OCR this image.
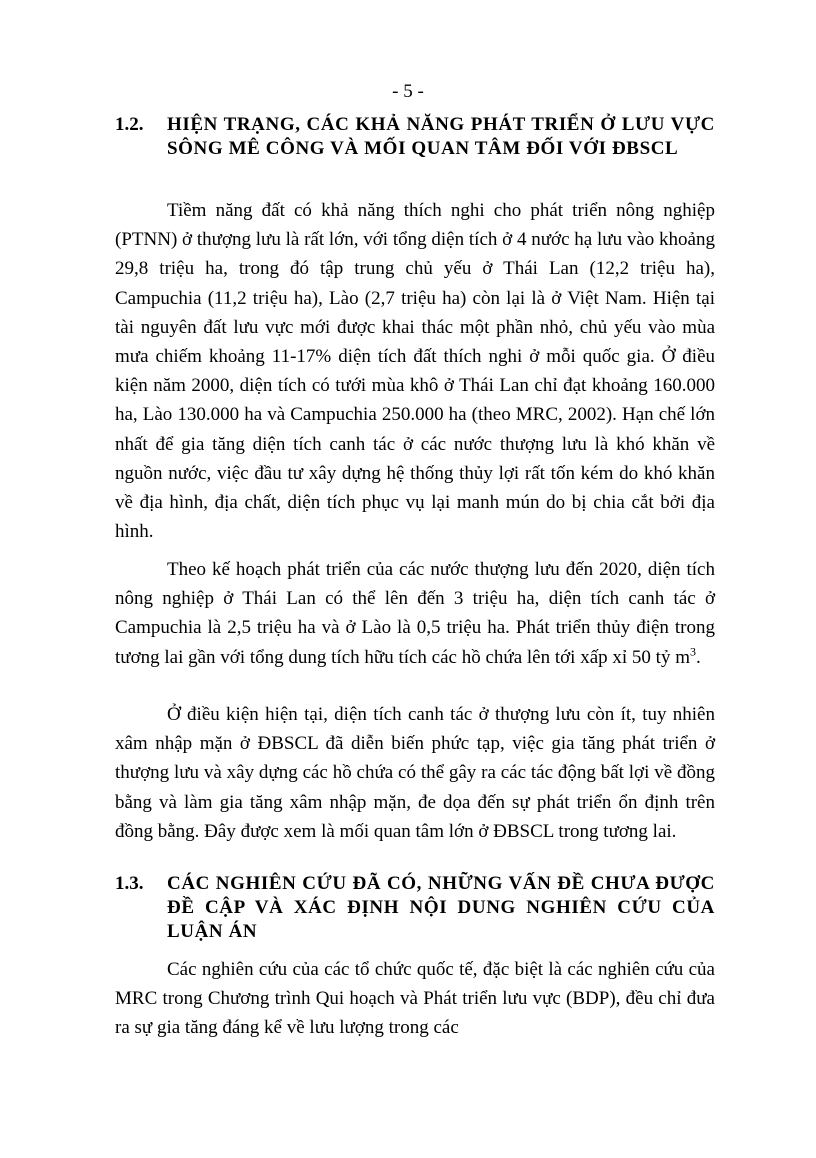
- 5 -
1.2. HIỆN TRẠNG, CÁC KHẢ NĂNG PHÁT TRIỂN Ở LƯU VỰC SÔNG MÊ CÔNG VÀ MỐI QUAN TÂM ĐỐI VỚI ĐBSCL

Tiềm năng đất có khả năng thích nghi cho phát triển nông nghiệp (PTNN) ở thượng lưu là rất lớn, với tổng diện tích ở 4 nước hạ lưu vào khoảng 29,8 triệu ha, trong đó tập trung chủ yếu ở Thái Lan (12,2 triệu ha), Campuchia (11,2 triệu ha), Lào (2,7 triệu ha) còn lại là ở Việt Nam. Hiện tại tài nguyên đất lưu vực mới được khai thác một phần nhỏ, chủ yếu vào mùa mưa chiếm khoảng 11-17% diện tích đất thích nghi ở mỗi quốc gia. Ở điều kiện năm 2000, diện tích có tưới mùa khô ở Thái Lan chỉ đạt khoảng 160.000 ha, Lào 130.000 ha và Campuchia 250.000 ha (theo MRC, 2002). Hạn chế lớn nhất để gia tăng diện tích canh tác ở các nước thượng lưu là khó khăn về nguồn nước, việc đầu tư xây dựng hệ thống thủy lợi rất tốn kém do khó khăn về địa hình, địa chất, diện tích phục vụ lại manh mún do bị chia cắt bởi địa hình.

Theo kế hoạch phát triển của các nước thượng lưu đến 2020, diện tích nông nghiệp ở Thái Lan có thể lên đến 3 triệu ha, diện tích canh tác ở Campuchia là 2,5 triệu ha và ở Lào là 0,5 triệu ha. Phát triển thủy điện trong tương lai gần với tổng dung tích hữu tích các hồ chứa lên tới xấp xỉ 50 tỷ $m^3$.

Ở điều kiện hiện tại, diện tích canh tác ở thượng lưu còn ít, tuy nhiên xâm nhập mặn ở ĐBSCL đã diễn biến phức tạp, việc gia tăng phát triển ở thượng lưu và xây dựng các hồ chứa có thể gây ra các tác động bất lợi về đồng bằng và làm gia tăng xâm nhập mặn, đe dọa đến sự phát triển ổn định trên đồng bằng. Đây được xem là mối quan tâm lớn ở ĐBSCL trong tương lai.

1.3. CÁC NGHIÊN CỨU ĐÃ CÓ, NHỮNG VẤN ĐỀ CHƯA ĐƯỢC ĐỀ CẬP VÀ XÁC ĐỊNH NỘI DUNG NGHIÊN CỨU CỦA LUẬN ÁN

Các nghiên cứu của các tổ chức quốc tế, đặc biệt là các nghiên cứu của MRC trong Chương trình Qui hoạch và Phát triển lưu vực (BDP), đều chỉ đưa ra sự gia tăng đáng kể về lưu lượng trong các
